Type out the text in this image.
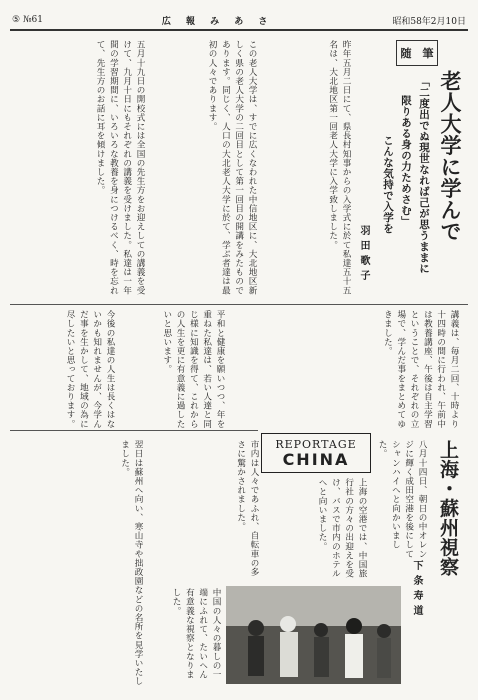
⑤ №61	広 報 み あ さ	昭和58年2月10日
随　筆
老人大学に学んで
「二度出でぬ現世なれば己が思うままに
限りある身の力ためさむ」
こんな気持で入学を
羽田歌子
昨年五月二日にて、県長村知事からの入学式に於て私達五十五名は、大北地区第一回老人大学に入学致しました。
この老人大学は、すでに広くなわれた中信地区に、大北地区新しく県の老人大学の二回目として第一回目の開講をみたものであります。同じく、人口の大北老人大学に於て、学ぶ者達は最初の人々であります。
五月十九日の開校式には全国の先生方をお迎えしての講義を受けて、九月十日にもそれぞれの講義を受けました。私達は一年間の学習期間に、いろいろな教養を身につけるべく、時を忘れて、先生方のお話に耳を傾けました。
講義は、毎月二回、十時より十四時の間に行われ、午前中は教養講座、午後は自主学習ということで、それぞれの立場で、学んだ事をまとめてゆきました。
平和と健康を願いつつ、年を重ねた私達は、若い人達と同じ様に知識を得て、これからの人生を更に有意義に過したいと思います。
今後の私達の人生は長くはないかも知れませんが、今学んだ事を生かして、地域の為に尽したいと思っております。
REPORTAGE
CHINA	上海・蘇州視察
下条寿道
八月十四日、朝日の中オレンジに輝く成田空港を後にしてシャンハイへと向かいました。
上海の空港では、中国旅行社の方々の出迎えを受け、バスで市内のホテルへと向いました。
市内は人々であふれ、自転車の多さに驚かされました。
翌日は蘇州へ向い、寒山寺や拙政園などの名所を見学いたしました。
中国の人々の暮しの一端にふれて、たいへん有意義な視察となりました。
